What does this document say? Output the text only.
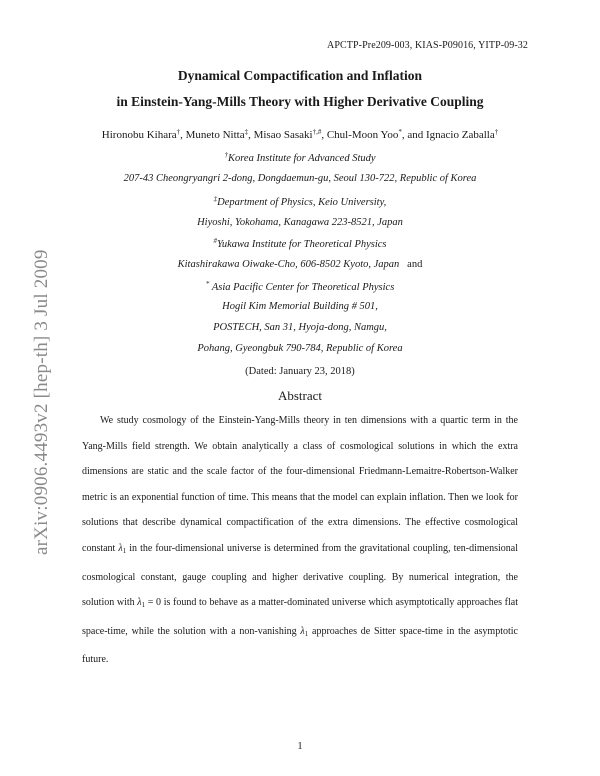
APCTP-Pre209-003, KIAS-P09016, YITP-09-32
arXiv:0906.4493v2 [hep-th] 3 Jul 2009
Dynamical Compactification and Inflation
in Einstein-Yang-Mills Theory with Higher Derivative Coupling
Hironobu Kihara†, Muneto Nitta‡, Misao Sasaki†,#, Chul-Moon Yoo*, and Ignacio Zaballa†
†Korea Institute for Advanced Study
207-43 Cheongryangri 2-dong, Dongdaemun-gu, Seoul 130-722, Republic of Korea
‡Department of Physics, Keio University,
Hiyoshi, Yokohama, Kanagawa 223-8521, Japan
#Yukawa Institute for Theoretical Physics
Kitashirakawa Oiwake-Cho, 606-8502 Kyoto, Japan and
* Asia Pacific Center for Theoretical Physics
Hogil Kim Memorial Building # 501,
POSTECH, San 31, Hyoja-dong, Namgu,
Pohang, Gyeongbuk 790-784, Republic of Korea
(Dated: January 23, 2018)
Abstract

We study cosmology of the Einstein-Yang-Mills theory in ten dimensions with a quartic term in the Yang-Mills field strength. We obtain analytically a class of cosmological solutions in which the extra dimensions are static and the scale factor of the four-dimensional Friedmann-Lemaitre-Robertson-Walker metric is an exponential function of time. This means that the model can explain inflation. Then we look for solutions that describe dynamical compactification of the extra dimensions. The effective cosmological constant $\lambda_1$ in the four-dimensional universe is determined from the gravitational coupling, ten-dimensional cosmological constant, gauge coupling and higher derivative coupling. By numerical integration, the solution with $\lambda_1 = 0$ is found to behave as a matter-dominated universe which asymptotically approaches flat space-time, while the solution with a non-vanishing $\lambda_1$ approaches de Sitter space-time in the asymptotic future.

1
